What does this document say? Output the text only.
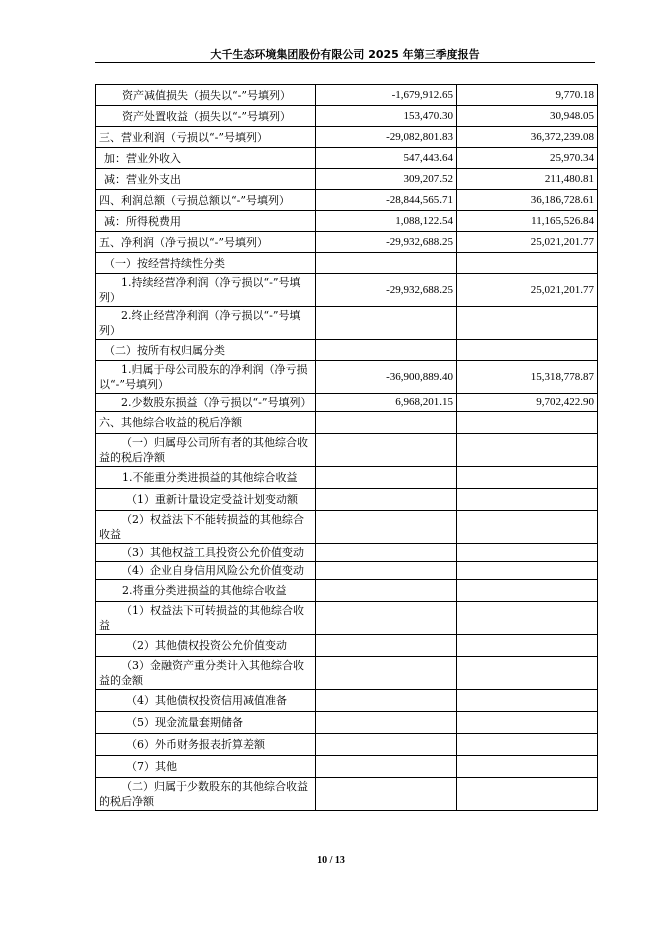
大千生态环境集团股份有限公司 2025 年第三季度报告
资产减值损失（损失以“-”号填列）	-1,679,912.65	9,770.18
资产处置收益（损失以“-”号填列）	153,470.30	30,948.05
三、营业利润（亏损以“-”号填列）	-29,082,801.83	36,372,239.08
加：营业外收入	547,443.64	25,970.34
减：营业外支出	309,207.52	211,480.81
四、利润总额（亏损总额以“-”号填列）	-28,844,565.71	36,186,728.61
减：所得税费用	1,088,122.54	11,165,526.84
五、净利润（净亏损以“-”号填列）	-29,932,688.25	25,021,201.77
（一）按经营持续性分类		
1.持续经营净利润（净亏损以“-”号填列）	-29,932,688.25	25,021,201.77
2.终止经营净利润（净亏损以“-”号填列）		
（二）按所有权归属分类		
1.归属于母公司股东的净利润（净亏损以“-”号填列）	-36,900,889.40	15,318,778.87
2.少数股东损益（净亏损以“-”号填列）	6,968,201.15	9,702,422.90
六、其他综合收益的税后净额		
（一）归属母公司所有者的其他综合收益的税后净额		
1.不能重分类进损益的其他综合收益		
（1）重新计量设定受益计划变动额		
（2）权益法下不能转损益的其他综合收益		
（3）其他权益工具投资公允价值变动		
（4）企业自身信用风险公允价值变动		
2.将重分类进损益的其他综合收益		
（1）权益法下可转损益的其他综合收益		
（2）其他债权投资公允价值变动		
（3）金融资产重分类计入其他综合收益的金额		
（4）其他债权投资信用减值准备		
（5）现金流量套期储备		
（6）外币财务报表折算差额		
（7）其他		
（二）归属于少数股东的其他综合收益的税后净额		
10 / 13
